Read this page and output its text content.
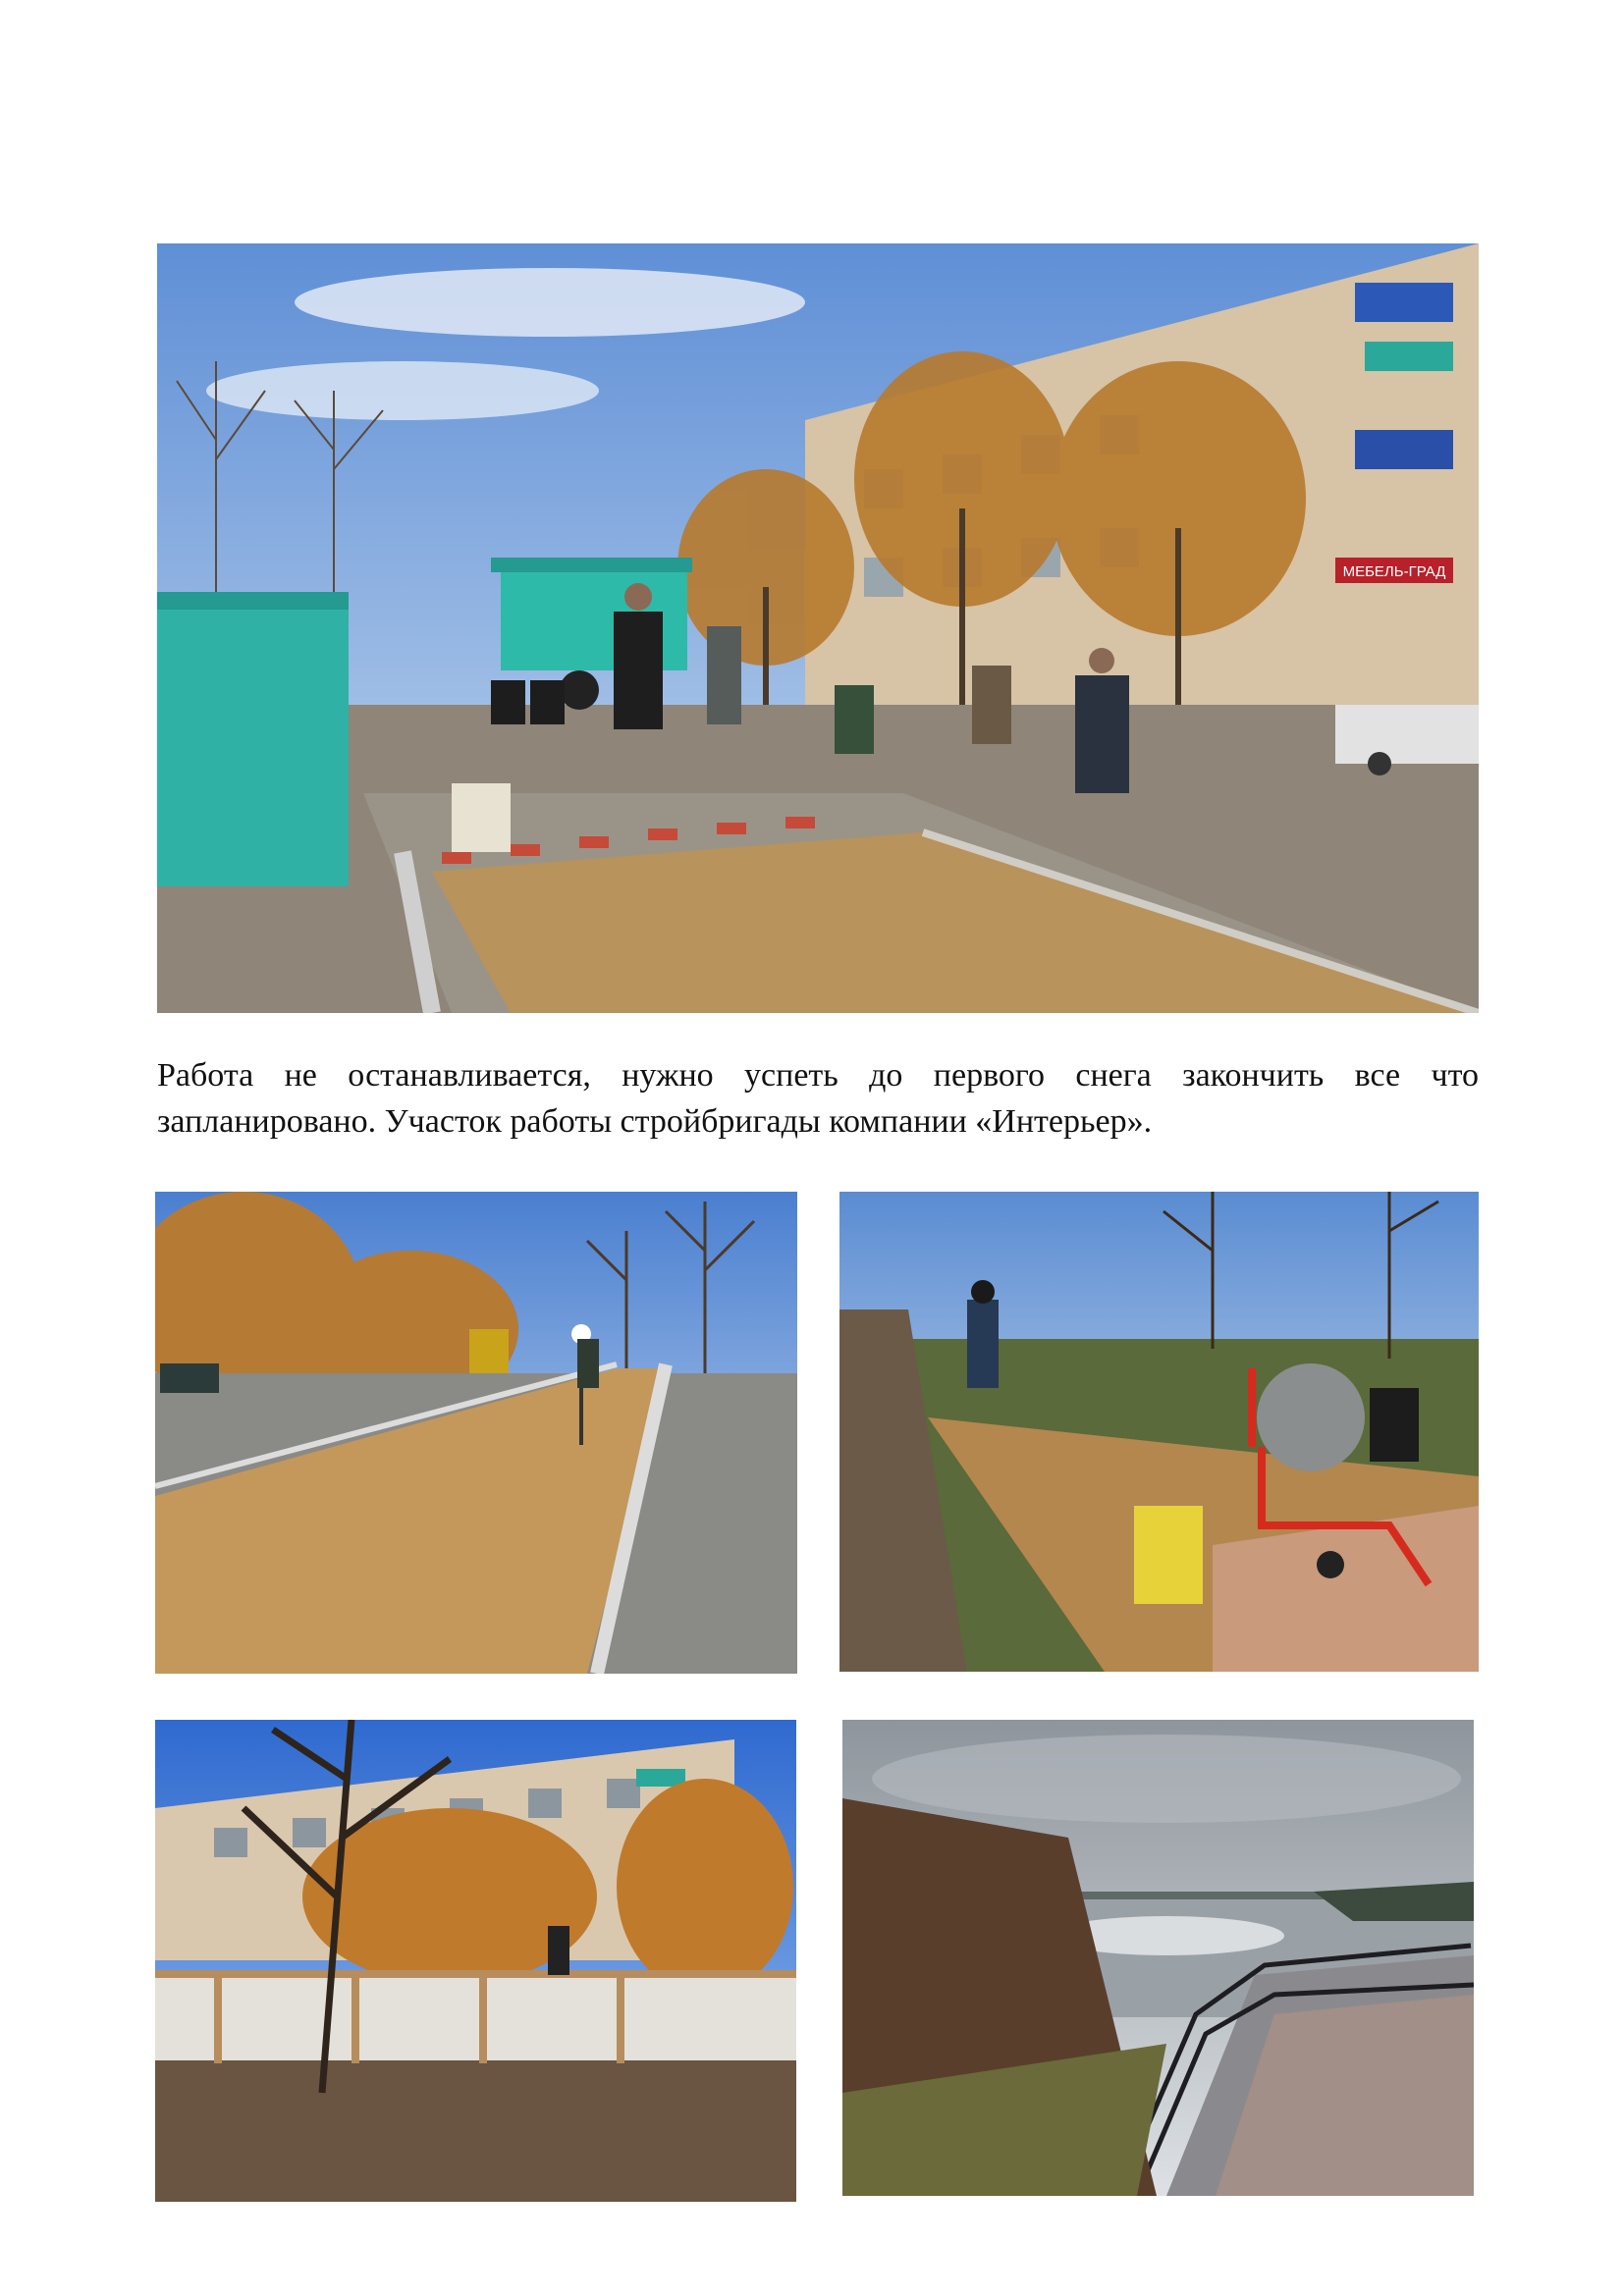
МЕБЕЛЬ-ГРАД

Работа не останавливается, нужно успеть до первого снега закончить все что запланировано. Участок работы стройбригады компании «Интерьер».
